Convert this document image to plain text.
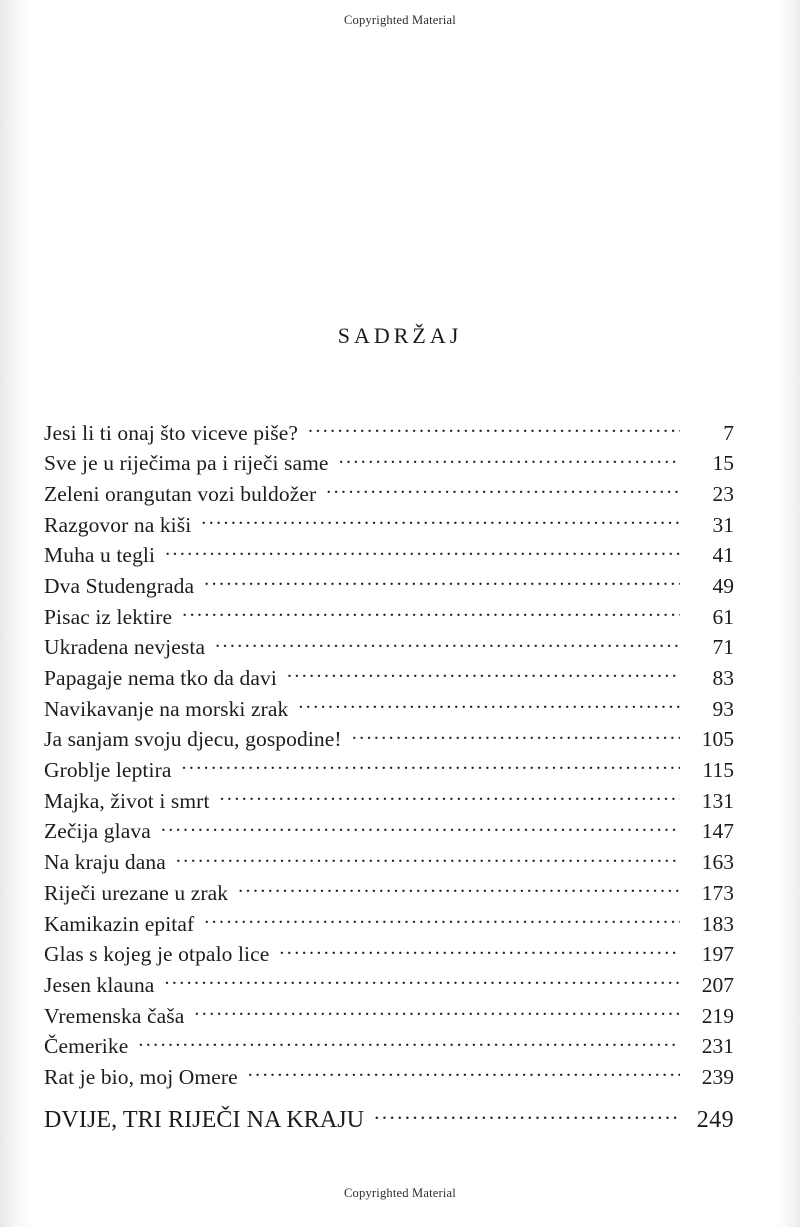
Copyrighted Material
SADRŽAJ
Jesi li ti onaj što viceve piše? .....	7
Sve je u riječima pa i riječi same .....	15
Zeleni orangutan vozi buldožer .....	23
Razgovor na kiši .....	31
Muha u tegli .....	41
Dva Studengrada .....	49
Pisac iz lektire .....	61
Ukradena nevjesta .....	71
Papagaje nema tko da davi .....	83
Navikavanje na morski zrak .....	93
Ja sanjam svoju djecu, gospodine! .....	105
Groblje leptira .....	115
Majka, život i smrt .....	131
Zečija glava .....	147
Na kraju dana .....	163
Riječi urezane u zrak .....	173
Kamikazin epitaf .....	183
Glas s kojeg je otpalo lice .....	197
Jesen klauna .....	207
Vremenska čaša .....	219
Čemerike .....	231
Rat je bio, moj Omere .....	239
DVIJE, TRI RIJEČI NA KRAJU .....	249
Copyrighted Material
